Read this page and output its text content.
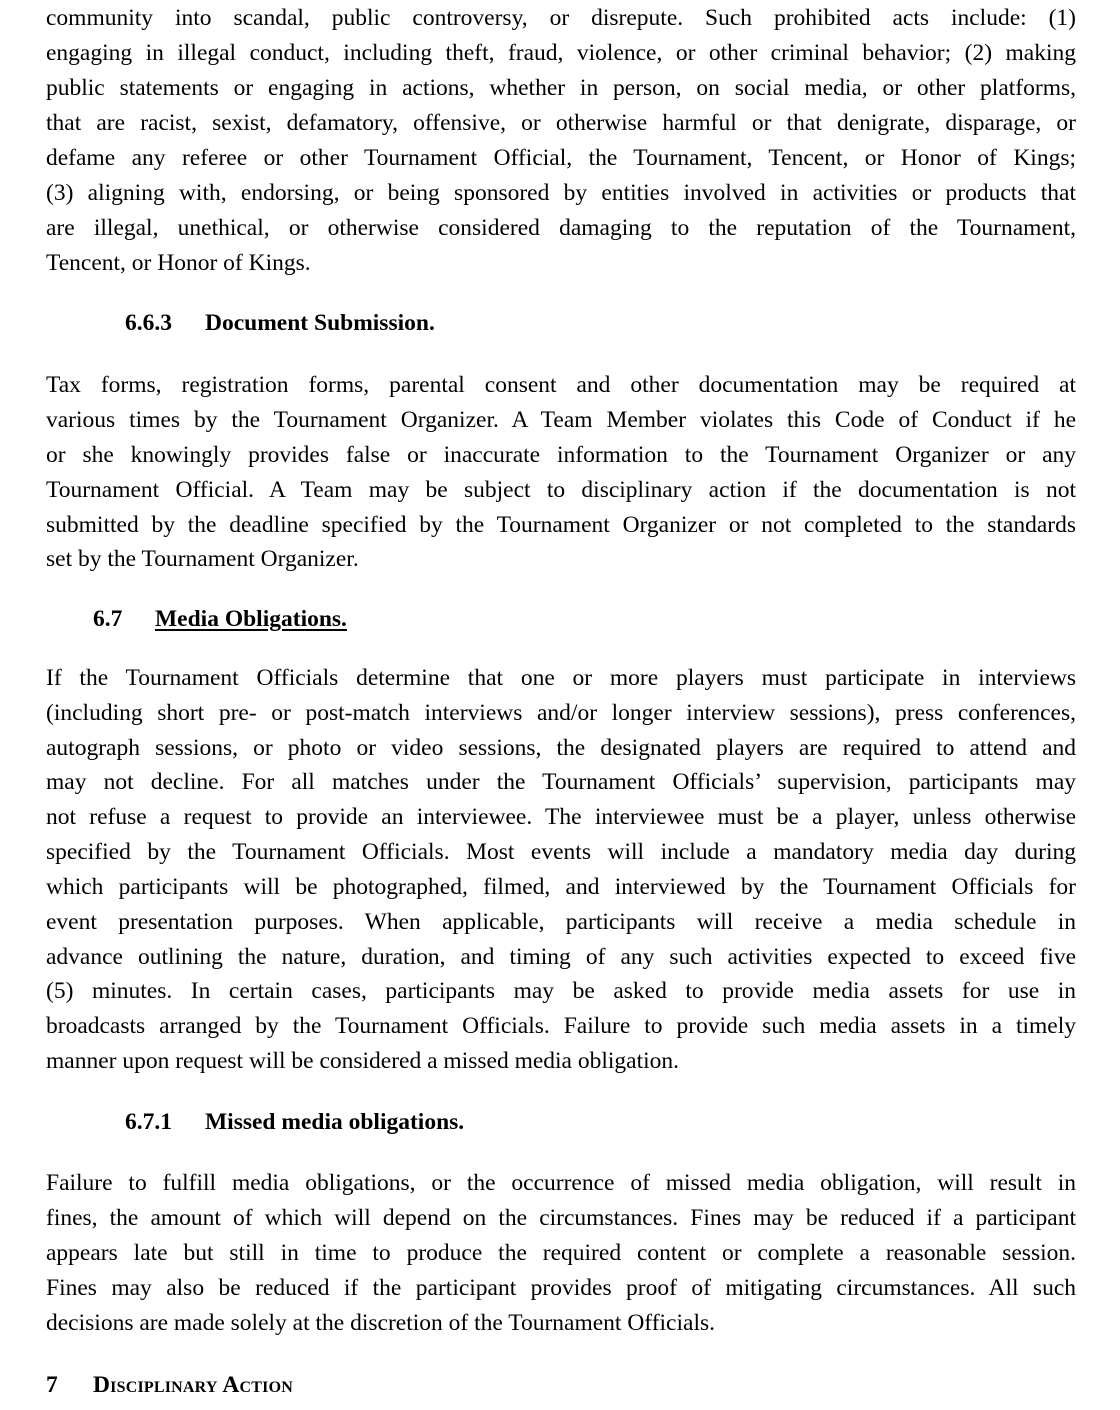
community into scandal, public controversy, or disrepute. Such prohibited acts include: (1)
engaging in illegal conduct, including theft, fraud, violence, or other criminal behavior; (2) making
public statements or engaging in actions, whether in person, on social media, or other platforms,
that are racist, sexist, defamatory, offensive, or otherwise harmful or that denigrate, disparage, or
defame any referee or other Tournament Official, the Tournament, Tencent, or Honor of Kings;
(3) aligning with, endorsing, or being sponsored by entities involved in activities or products that
are illegal, unethical, or otherwise considered damaging to the reputation of the Tournament,
Tencent, or Honor of Kings.
6.6.3 Document Submission.
Tax forms, registration forms, parental consent and other documentation may be required at
various times by the Tournament Organizer. A Team Member violates this Code of Conduct if he
or she knowingly provides false or inaccurate information to the Tournament Organizer or any
Tournament Official. A Team may be subject to disciplinary action if the documentation is not
submitted by the deadline specified by the Tournament Organizer or not completed to the standards
set by the Tournament Organizer.
6.7 Media Obligations.
If the Tournament Officials determine that one or more players must participate in interviews
(including short pre- or post-match interviews and/or longer interview sessions), press conferences,
autograph sessions, or photo or video sessions, the designated players are required to attend and
may not decline. For all matches under the Tournament Officials’ supervision, participants may
not refuse a request to provide an interviewee. The interviewee must be a player, unless otherwise
specified by the Tournament Officials. Most events will include a mandatory media day during
which participants will be photographed, filmed, and interviewed by the Tournament Officials for
event presentation purposes. When applicable, participants will receive a media schedule in
advance outlining the nature, duration, and timing of any such activities expected to exceed five
(5) minutes. In certain cases, participants may be asked to provide media assets for use in
broadcasts arranged by the Tournament Officials. Failure to provide such media assets in a timely
manner upon request will be considered a missed media obligation.
6.7.1 Missed media obligations.
Failure to fulfill media obligations, or the occurrence of missed media obligation, will result in
fines, the amount of which will depend on the circumstances. Fines may be reduced if a participant
appears late but still in time to produce the required content or complete a reasonable session.
Fines may also be reduced if the participant provides proof of mitigating circumstances. All such
decisions are made solely at the discretion of the Tournament Officials.
7 Disciplinary Action
